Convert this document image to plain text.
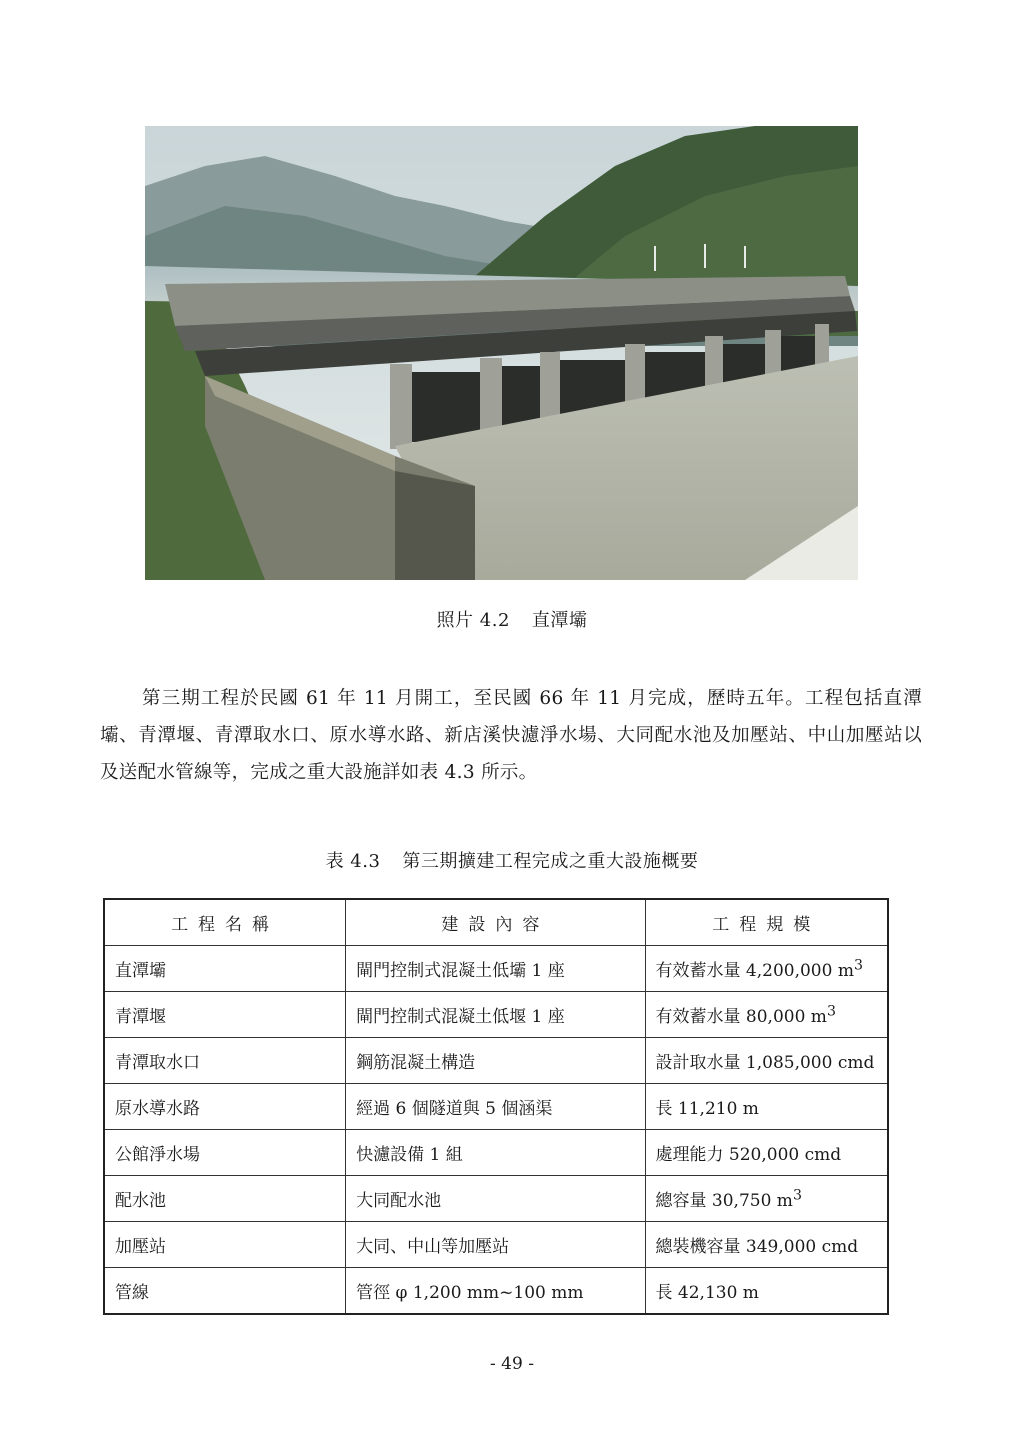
照片 4.2 直潭壩

第三期工程於民國 61 年 11 月開工，至民國 66 年 11 月完成，歷時五年。工程包括直潭壩、青潭堰、青潭取水口、原水導水路、新店溪快濾淨水場、大同配水池及加壓站、中山加壓站以及送配水管線等，完成之重大設施詳如表 4.3 所示。

表 4.3 第三期擴建工程完成之重大設施概要
工程名稱	建設內容	工程規模
直潭壩	閘門控制式混凝土低壩 1 座	有效蓄水量 4,200,000 $m^3$
青潭堰	閘門控制式混凝土低堰 1 座	有效蓄水量 80,000 $m^3$
青潭取水口	鋼筋混凝土構造	設計取水量 1,085,000 cmd
原水導水路	經過 6 個隧道與 5 個涵渠	長 11,210 m
公館淨水場	快濾設備 1 組	處理能力 520,000 cmd
配水池	大同配水池	總容量 30,750 $m^3$
加壓站	大同、中山等加壓站	總裝機容量 349,000 cmd
管線	管徑 φ 1,200 mm~100 mm	長 42,130 m
- 49 -
